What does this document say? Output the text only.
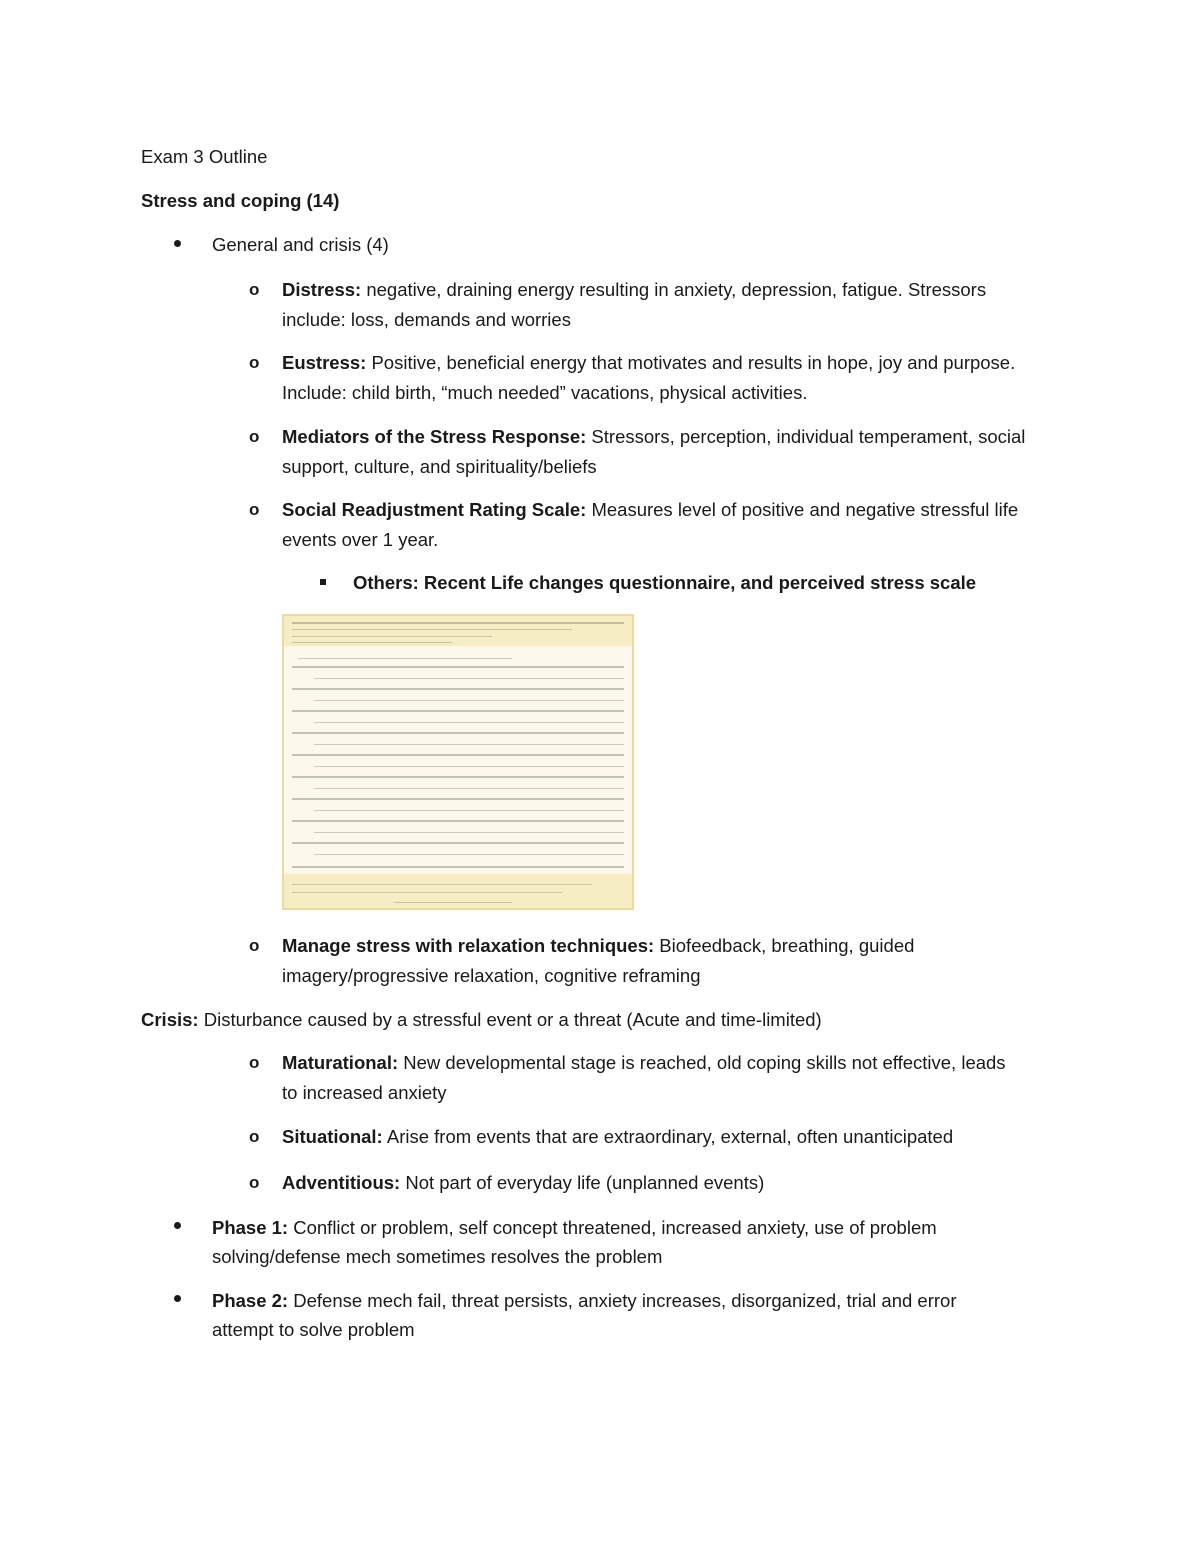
Exam 3 Outline
Stress and coping (14)
General and crisis (4)
o Distress: negative, draining energy resulting in anxiety, depression, fatigue. Stressors
include: loss, demands and worries
o Eustress: Positive, beneficial energy that motivates and results in hope, joy and purpose.
Include: child birth, “much needed” vacations, physical activities.
o Mediators of the Stress Response: Stressors, perception, individual temperament, social
support, culture, and spirituality/beliefs
o Social Readjustment Rating Scale: Measures level of positive and negative stressful life
events over 1 year.
Others: Recent Life changes questionnaire, and perceived stress scale
o Manage stress with relaxation techniques: Biofeedback, breathing, guided
imagery/progressive relaxation, cognitive reframing
Crisis: Disturbance caused by a stressful event or a threat (Acute and time-limited)
o Maturational: New developmental stage is reached, old coping skills not effective, leads
to increased anxiety
o Situational: Arise from events that are extraordinary, external, often unanticipated
o Adventitious: Not part of everyday life (unplanned events)
Phase 1: Conflict or problem, self concept threatened, increased anxiety, use of problem
solving/defense mech sometimes resolves the problem
Phase 2: Defense mech fail, threat persists, anxiety increases, disorganized, trial and error
attempt to solve problem
